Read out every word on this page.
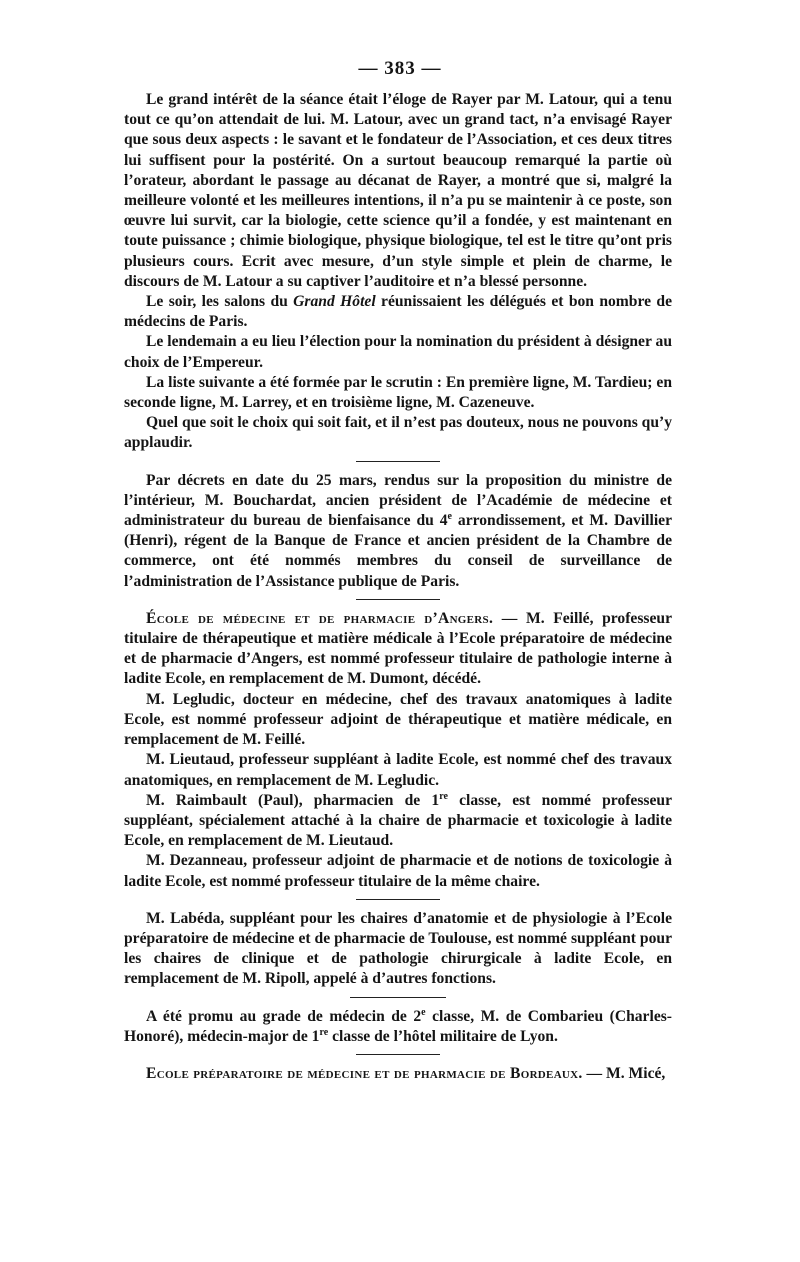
— 383 —

Le grand intérêt de la séance était l’éloge de Rayer par M. Latour, qui a tenu tout ce qu’on attendait de lui. M. Latour, avec un grand tact, n’a envisagé Rayer que sous deux aspects : le savant et le fondateur de l’Association, et ces deux titres lui suffisent pour la postérité. On a surtout beaucoup remarqué la partie où l’orateur, abordant le passage au décanat de Rayer, a montré que si, malgré la meilleure volonté et les meilleures intentions, il n’a pu se maintenir à ce poste, son œuvre lui survit, car la biologie, cette science qu’il a fondée, y est maintenant en toute puissance ; chimie biologique, physique biologique, tel est le titre qu’ont pris plusieurs cours. Ecrit avec mesure, d’un style simple et plein de charme, le discours de M. Latour a su captiver l’auditoire et n’a blessé personne.

Le soir, les salons du Grand Hôtel réunissaient les délégués et bon nombre de médecins de Paris.

Le lendemain a eu lieu l’élection pour la nomination du président à désigner au choix de l’Empereur.

La liste suivante a été formée par le scrutin : En première ligne, M. Tardieu; en seconde ligne, M. Larrey, et en troisième ligne, M. Cazeneuve.

Quel que soit le choix qui soit fait, et il n’est pas douteux, nous ne pouvons qu’y applaudir.

Par décrets en date du 25 mars, rendus sur la proposition du ministre de l’intérieur, M. Bouchardat, ancien président de l’Académie de médecine et administrateur du bureau de bienfaisance du 4e arrondissement, et M. Davillier (Henri), régent de la Banque de France et ancien président de la Chambre de commerce, ont été nommés membres du conseil de surveillance de l’administration de l’Assistance publique de Paris.

École de médecine et de pharmacie d’Angers. — M. Feillé, professeur titulaire de thérapeutique et matière médicale à l’Ecole préparatoire de médecine et de pharmacie d’Angers, est nommé professeur titulaire de pathologie interne à ladite Ecole, en remplacement de M. Dumont, décédé.

M. Legludic, docteur en médecine, chef des travaux anatomiques à ladite Ecole, est nommé professeur adjoint de thérapeutique et matière médicale, en remplacement de M. Feillé.

M. Lieutaud, professeur suppléant à ladite Ecole, est nommé chef des travaux anatomiques, en remplacement de M. Legludic.

M. Raimbault (Paul), pharmacien de 1re classe, est nommé professeur suppléant, spécialement attaché à la chaire de pharmacie et toxicologie à ladite Ecole, en remplacement de M. Lieutaud.

M. Dezanneau, professeur adjoint de pharmacie et de notions de toxicologie à ladite Ecole, est nommé professeur titulaire de la même chaire.

M. Labéda, suppléant pour les chaires d’anatomie et de physiologie à l’Ecole préparatoire de médecine et de pharmacie de Toulouse, est nommé suppléant pour les chaires de clinique et de pathologie chirurgicale à ladite Ecole, en remplacement de M. Ripoll, appelé à d’autres fonctions.

A été promu au grade de médecin de 2e classe, M. de Combarieu (Charles-Honoré), médecin-major de 1re classe de l’hôtel militaire de Lyon.

Ecole préparatoire de médecine et de pharmacie de Bordeaux. — M. Micé,
